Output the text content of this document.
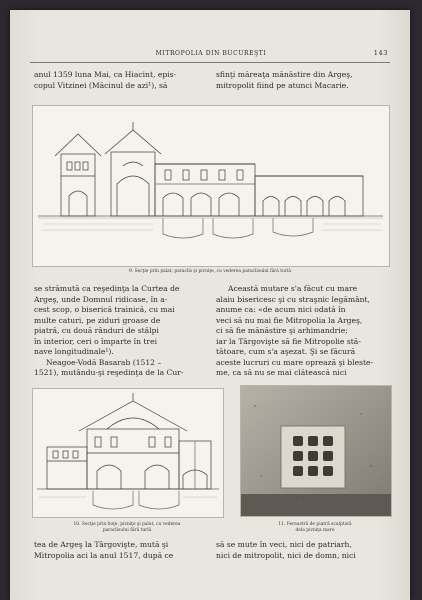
MITROPOLIA DIN BUCUREŞTI	143
anul 1359 luna Mai, ca Hiacint, epis-
copul Vitzinei (Măcinul de azi¹), să
sfinţi măreaţa mănăstire din Argeş,
mitropolit fiind pe atunci Macarie.
9. Secţie prin palat, paraclis şi pivniţe, cu vederea paraclisului fără turlă
se strămută ca reşedinţa la Curtea de
Argeş, unde Domnul ridicase, în a-
cest scop, o biserică trainică, cu mai
multe caturi, pe ziduri groase de
piatră, cu două rânduri de stâlpi
în interior, ceri o împarte în trei
nave longitudinale¹).
Neagoe-Vodă Basarab (1512 –
1521), mutându-şi reşedinţa de la Cur-
Această mutare s'a făcut cu mare
alaiu bisericesc şi cu straşnic legământ,
anume ca: «de acum nici odată în
veci să nu mai fie Mitropolia la Argeş,
ci să fie mănăstire şi arhimandrie;
iar la Târgovişte să fie Mitropolie stă-
tătoare, cum s'a aşezat. Şi se făcură
aceste lucruri cu mare oprează şi bleste-
me, ca să nu se mai clătească nici
10. Secţie prin boţe, pivniţe şi palat, cu vederea
paraclisului fără turlă
11. Fereastră de piatră sculptată
dela pivniţa mare
tea de Argeş la Târgovişte, mută şi
Mitropolia aci la anul 1517, după ce
să se mute în veci, nici de patriarh,
nici de mitropolit, nici de domn, nici
